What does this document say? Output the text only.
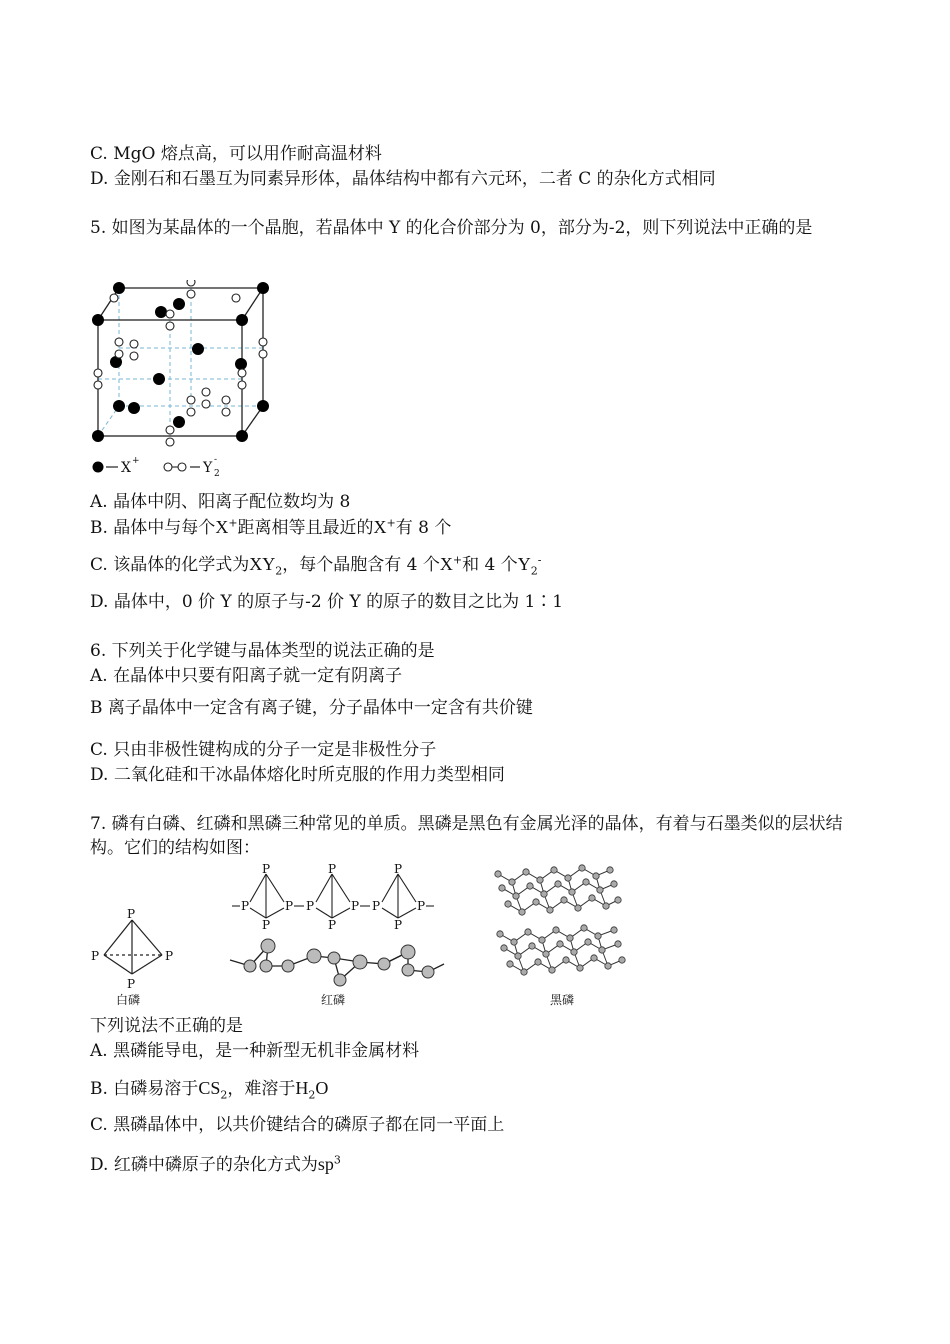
C. MgO 熔点高，可以用作耐高温材料
D. 金刚石和石墨互为同素异形体，晶体结构中都有六元环，二者 C 的杂化方式相同
5. 如图为某晶体的一个晶胞，若晶体中 Y 的化合价部分为 0，部分为-2，则下列说法中正确的是
X +	Y 2
-
A. 晶体中阴、阳离子配位数均为 8
B. 晶体中与每个X+距离相等且最近的X+有 8 个
C. 该晶体的化学式为$XY_2$，每个晶胞含有 4 个X+和 4 个$Y_2^-$
D. 晶体中，0 价 Y 的原子与-2 价 Y 的原子的数目之比为 1∶1
6. 下列关于化学键与晶体类型的说法正确的是
A. 在晶体中只要有阳离子就一定有阴离子
B 离子晶体中一定含有离子键，分子晶体中一定含有共价键
C. 只由非极性键构成的分子一定是非极性分子
D. 二氧化硅和干冰晶体熔化时所克服的作用力类型相同
7. 磷有白磷、红磷和黑磷三种常见的单质。黑磷是黑色有金属光泽的晶体，有着与石墨类似的层状结构。它们的结构如图：
P
P	P
P
白磷
P
P	P
P
P
P	P
P
P
P	P
P
红磷	黑磷
下列说法不正确的是
A. 黑磷能导电，是一种新型无机非金属材料
B. 白磷易溶于$CS_2$，难溶于$H_2O$
C. 黑磷晶体中，以共价键结合的磷原子都在同一平面上
D. 红磷中磷原子的杂化方式为$sp^3$
